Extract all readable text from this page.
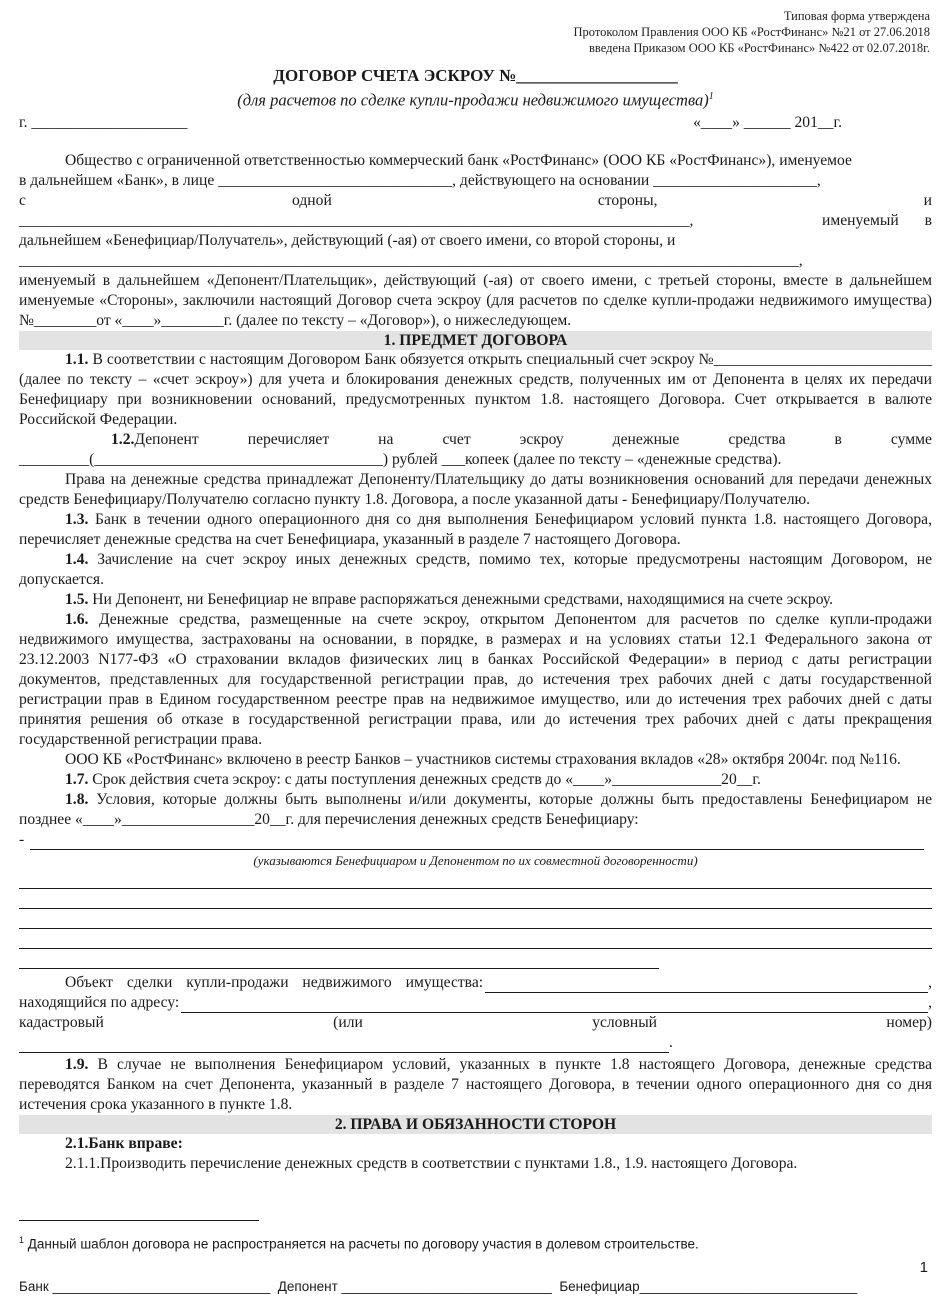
Типовая форма утверждена
Протоколом Правления ООО КБ «РостФинанс» №21 от 27.06.2018
введена Приказом ООО КБ «РостФинанс» №422 от 02.07.2018г.
ДОГОВОР СЧЕТА ЭСКРОУ №___________________
(для расчетов по сделке купли-продажи недвижимого имущества)$^1$
г. ____________________	«____» ______ 201__г.

Общество с ограниченной ответственностью коммерческий банк «РостФинанс» (ООО КБ «РостФинанс»), именуемое

в дальнейшем «Банк», в лице ______________________________, действующего на основании _____________________,

с	одной	стороны,	и
______________________________________________________________________________________,	именуемый в

дальнейшем «Бенефициар/Получатель», действующий (-ая) от своего имени, со второй стороны, и

____________________________________________________________________________________________________,

именуемый в дальнейшем «Депонент/Плательщик», действующий (-ая) от своего имени, с третьей стороны, вместе в дальнейшем именуемые «Стороны», заключили настоящий Договор счета эскроу (для расчетов по сделке купли-продажи недвижимого имущества) №________от «____»________г. (далее по тексту – «Договор»), о нижеследующем.

1. ПРЕДМЕТ ДОГОВОРА

1.1. В соответствии с настоящим Договором Банк обязуется открыть специальный счет эскроу №____________________________ (далее по тексту – «счет эскроу») для учета и блокирования денежных средств, полученных им от Депонента в целях их передачи Бенефициару при возникновении оснований, предусмотренных пунктом 1.8. настоящего Договора. Счет открывается в валюте Российской Федерации.

1.2.Депонент	перечисляет	на	счет	эскроу	денежные	средства	в	сумме

_________(_____________________________________) рублей ___копеек (далее по тексту – «денежные средства).

Права на денежные средства принадлежат Депоненту/Плательщику до даты возникновения оснований для передачи денежных средств Бенефициару/Получателю согласно пункту 1.8. Договора, а после указанной даты - Бенефициару/Получателю.

1.3. Банк в течении одного операционного дня со дня выполнения Бенефициаром условий пункта 1.8. настоящего Договора, перечисляет денежные средства на счет Бенефициара, указанный в разделе 7 настоящего Договора.

1.4. Зачисление на счет эскроу иных денежных средств, помимо тех, которые предусмотрены настоящим Договором, не допускается.

1.5. Ни Депонент, ни Бенефициар не вправе распоряжаться денежными средствами, находящимися на счете эскроу.

1.6. Денежные средства, размещенные на счете эскроу, открытом Депонентом для расчетов по сделке купли-продажи недвижимого имущества, застрахованы на основании, в порядке, в размерах и на условиях статьи 12.1 Федерального закона от 23.12.2003 N177-ФЗ «О страховании вкладов физических лиц в банках Российской Федерации» в период с даты регистрации документов, представленных для государственной регистрации прав, до истечения трех рабочих дней с даты государственной регистрации прав в Едином государственном реестре прав на недвижимое имущество, или до истечения трех рабочих дней с даты принятия решения об отказе в государственной регистрации права, или до истечения трех рабочих дней с даты прекращения государственной регистрации права.

ООО КБ «РостФинанс» включено в реестр Банков – участников системы страхования вкладов «28» октября 2004г. под №116.

1.7. Срок действия счета эскроу: с даты поступления денежных средств до «____»______________20__г.

1.8. Условия, которые должны быть выполнены и/или документы, которые должны быть предоставлены Бенефициаром не позднее «____»_________________20__г. для перечисления денежных средств Бенефициару:

-
(указываются Бенефициаром и Депонентом по их совместной договоренности)
Объект сделки купли-продажи недвижимого имущества:	,
находящийся по адресу:	,
кадастровый	(или	условный	номер)
.

1.9. В случае не выполнения Бенефициаром условий, указанных в пункте 1.8 настоящего Договора, денежные средства переводятся Банком на счет Депонента, указанный в разделе 7 настоящего Договора, в течении одного операционного дня со дня истечения срока указанного в пункте 1.8.

2. ПРАВА И ОБЯЗАННОСТИ СТОРОН

2.1.Банк вправе:

2.1.1.Производить перечисление денежных средств в соответствии с пунктами 1.8., 1.9. настоящего Договора.

$^1$ Данный шаблон договора не распространяется на расчеты по договору участия в долевом строительстве.
1
Банк _____________________________ Депонент ____________________________ Бенефициар_____________________________
